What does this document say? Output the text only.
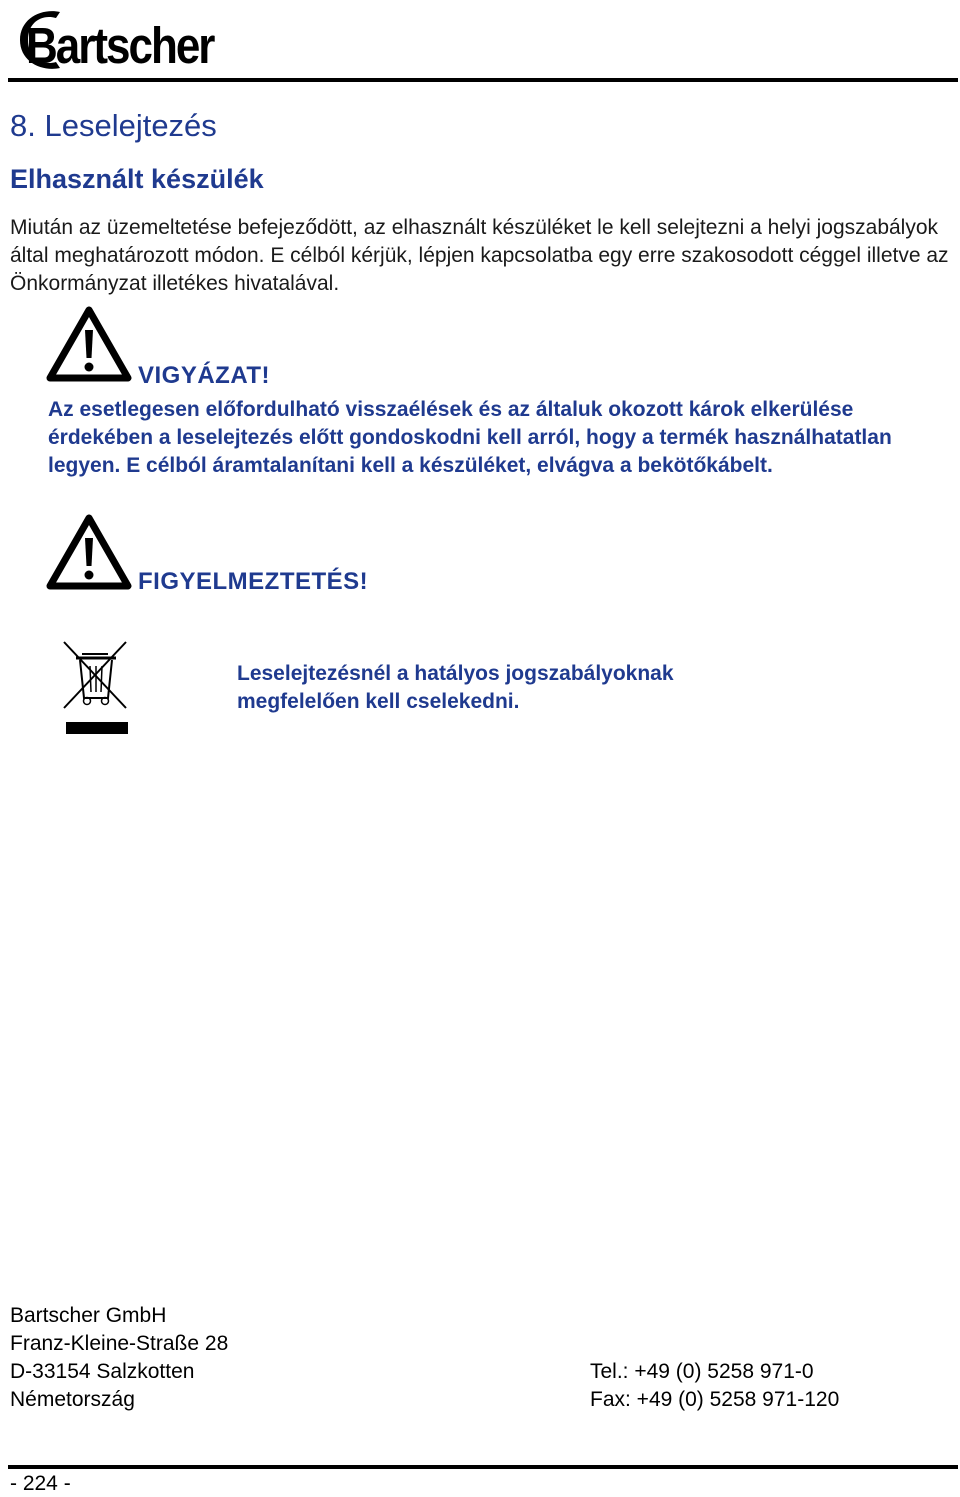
Bartscher
8. Leselejtezés
Elhasznált készülék

Miután az üzemeltetése befejeződött, az elhasznált készüléket le kell selejtezni a helyi jogszabályok által meghatározott módon. E célból kérjük, lépjen kapcsolatba egy erre szakosodott céggel illetve az Önkormányzat illetékes hivatalával.

VIGYÁZAT!

Az esetlegesen előfordulható visszaélések és az általuk okozott károk elkerülése érdekében a leselejtezés előtt gondoskodni kell arról, hogy a termék használhatatlan legyen. E célból áramtalanítani kell a készüléket, elvágva a bekötőkábelt.

FIGYELMEZTETÉS!

Leselejtezésnél a hatályos jogszabályoknak
megfelelően kell cselekedni.

Bartscher GmbH
Franz-Kleine-Straße 28
D-33154 Salzkotten
Németország
Tel.: +49 (0) 5258 971-0
Fax: +49 (0) 5258 971-120
- 224 -
